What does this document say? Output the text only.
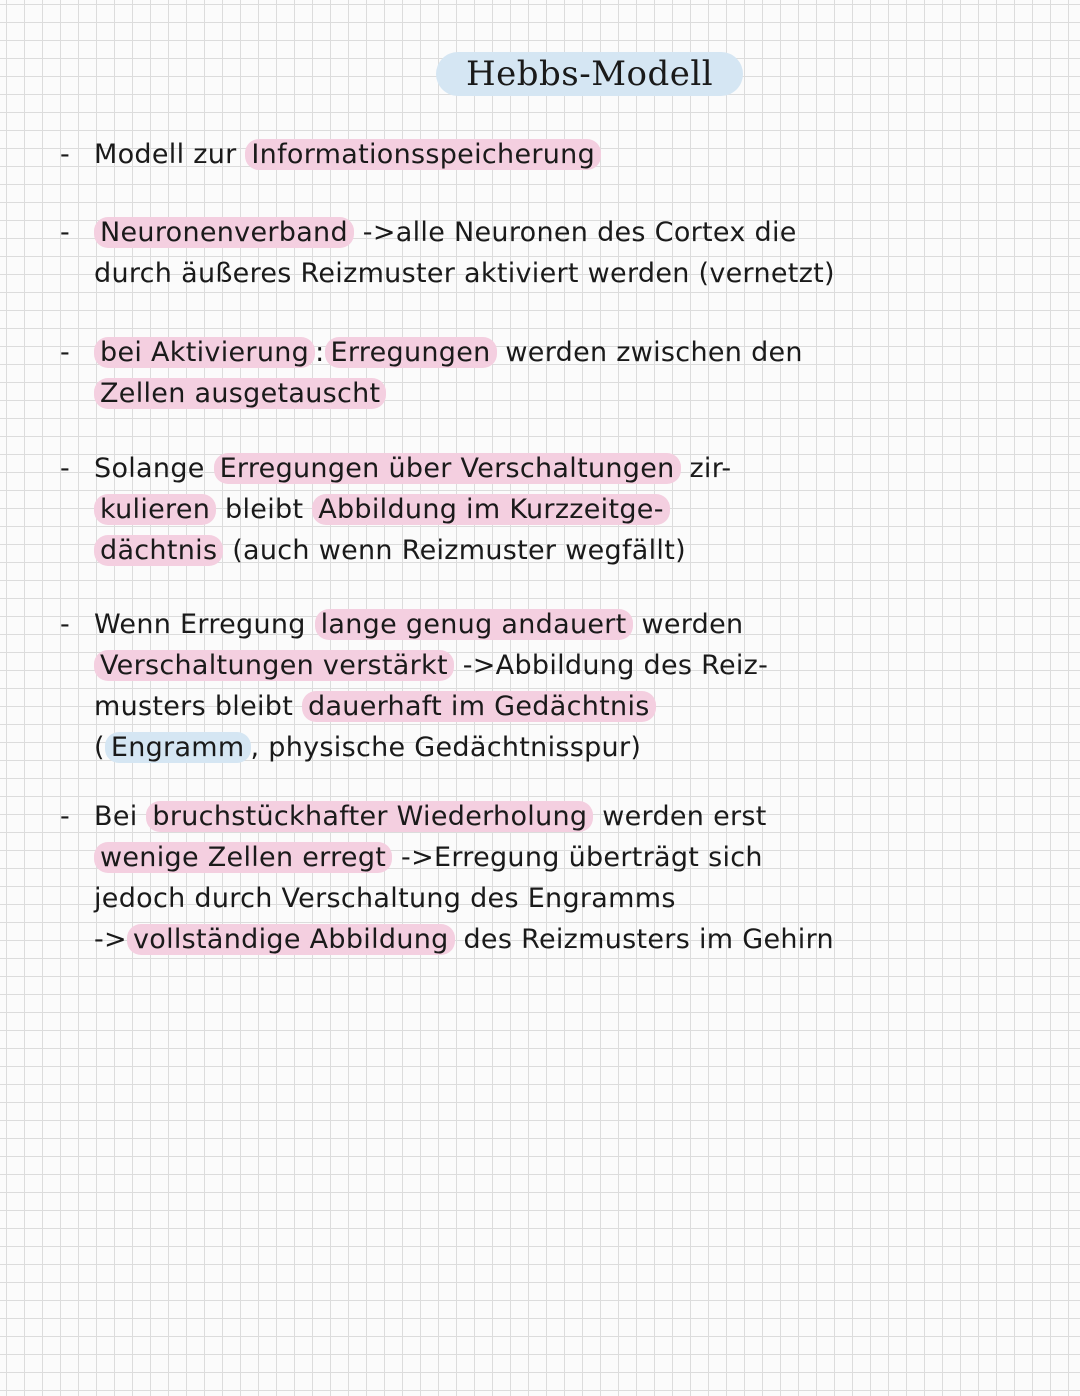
Hebbs-Modell
- Modell zur Informationsspeicherung
- Neuronenverband ->alle Neuronen des Cortex die
durch äußeres Reizmuster aktiviert werden (vernetzt)
- bei Aktivierung : Erregungen werden zwischen den
Zellen ausgetauscht
- Solange Erregungen über Verschaltungen zir-
kulieren bleibt Abbildung im Kurzzeitge-
dächtnis (auch wenn Reizmuster wegfällt)
- Wenn Erregung lange genug andauert werden
Verschaltungen verstärkt ->Abbildung des Reiz-
musters bleibt dauerhaft im Gedächtnis
( Engramm , physische Gedächtnisspur)
- Bei bruchstückhafter Wiederholung werden erst
wenige Zellen erregt ->Erregung überträgt sich
jedoch durch Verschaltung des Engramms
-> vollständige Abbildung des Reizmusters im Gehirn
